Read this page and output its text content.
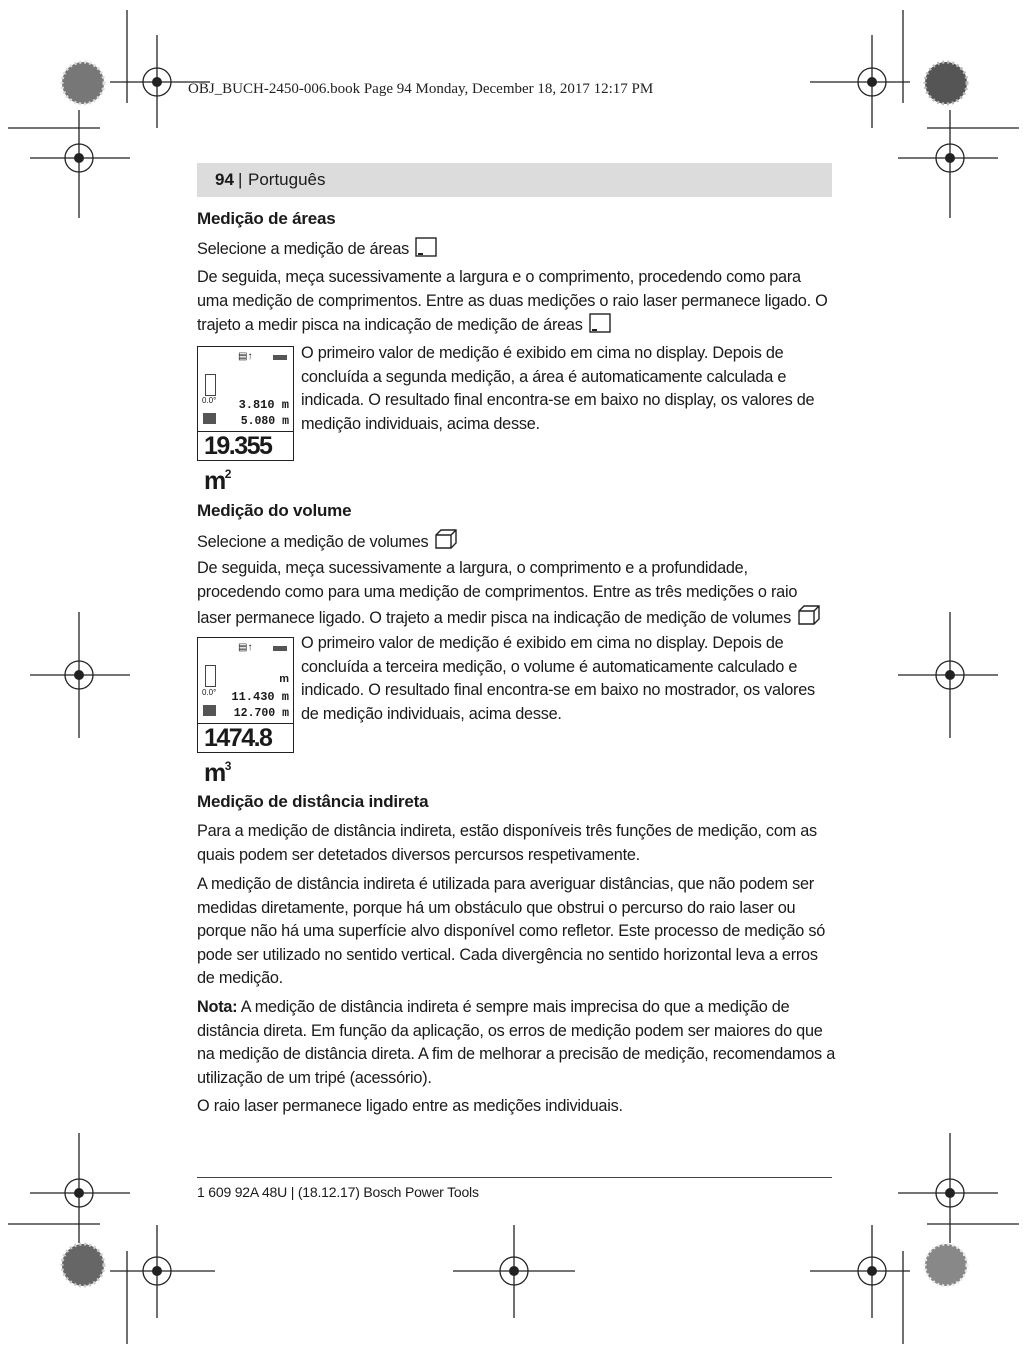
OBJ_BUCH-2450-006.book Page 94 Monday, December 18, 2017 12:17 PM
94 | Português
Medição de áreas
Selecione a medição de áreas
De seguida, meça sucessivamente a largura e o comprimento, procedendo como para uma medição de comprimentos. Entre as duas medições o raio laser permanece ligado. O trajeto a medir pisca na indicação de medição de áreas
▤↑
0.0° 3.810 m
5.080 m
19.355 $m^2$
O primeiro valor de medição é exibido em cima no display. Depois de concluída a segunda medição, a área é automaticamente calculada e indicada. O resultado final encontra-se em baixo no display, os valores de medição individuais, acima desse.
Medição do volume
Selecione a medição de volumes
De seguida, meça sucessivamente a largura, o comprimento e a profundidade, procedendo como para uma medição de comprimentos. Entre as três medições o raio laser permanece ligado. O trajeto a medir pisca na indicação de medição de volumes
▤↑
m
0.0° 11.430 m
12.700 m
1474.8 $m^3$
O primeiro valor de medição é exibido em cima no display. Depois de concluída a terceira medição, o volume é automaticamente calculado e indicado. O resultado final encontra-se em baixo no mostrador, os valores de medição individuais, acima desse.
Medição de distância indireta
Para a medição de distância indireta, estão disponíveis três funções de medição, com as quais podem ser detetados diversos percursos respetivamente.
A medição de distância indireta é utilizada para averiguar distâncias, que não podem ser medidas diretamente, porque há um obstáculo que obstrui o percurso do raio laser ou porque não há uma superfície alvo disponível como refletor. Este processo de medição só pode ser utilizado no sentido vertical. Cada divergência no sentido horizontal leva a erros de medição.
Nota: A medição de distância indireta é sempre mais imprecisa do que a medição de distância direta. Em função da aplicação, os erros de medição podem ser maiores do que na medição de distância direta. A fim de melhorar a precisão de medição, recomendamos a utilização de um tripé (acessório).
O raio laser permanece ligado entre as medições individuais.
1 609 92A 48U | (18.12.17) Bosch Power Tools
